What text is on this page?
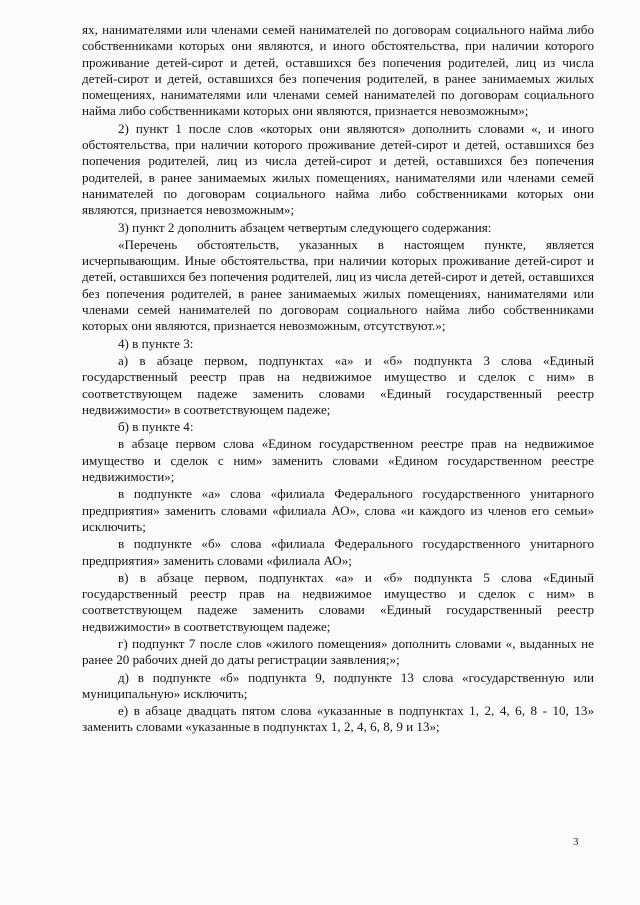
ях, нанимателями или членами семей нанимателей по договорам социального найма либо собственниками которых они являются, и иного обстоятельства, при наличии которого проживание детей-сирот и детей, оставшихся без попечения родителей, лиц из числа детей-сирот и детей, оставшихся без попечения родителей, в ранее занимаемых жилых помещениях, нанимателями или членами семей нанимателей по договорам социального найма либо собственниками которых они являются, признается невозможным»;

2) пункт 1 после слов «которых они являются» дополнить словами «, и иного обстоятельства, при наличии которого проживание детей-сирот и детей, оставшихся без попечения родителей, лиц из числа детей-сирот и детей, оставшихся без попечения родителей, в ранее занимаемых жилых помещениях, нанимателями или членами семей нанимателей по договорам социального найма либо собственниками которых они являются, признается невозможным»;

3) пункт 2 дополнить абзацем четвертым следующего содержания:

«Перечень обстоятельств, указанных в настоящем пункте, является исчерпывающим. Иные обстоятельства, при наличии которых проживание детей-сирот и детей, оставшихся без попечения родителей, лиц из числа детей-сирот и детей, оставшихся без попечения родителей, в ранее занимаемых жилых помещениях, нанимателями или членами семей нанимателей по договорам социального найма либо собственниками которых они являются, признается невозможным, отсутствуют.»;

4) в пункте 3:

а) в абзаце первом, подпунктах «а» и «б» подпункта 3 слова «Единый государственный реестр прав на недвижимое имущество и сделок с ним» в соответствующем падеже заменить словами «Единый государственный реестр недвижимости» в соответствующем падеже;

б) в пункте 4:

в абзаце первом слова «Едином государственном реестре прав на недвижимое имущество и сделок с ним» заменить словами «Едином государственном реестре недвижимости»;

в подпункте «а» слова «филиала Федерального государственного унитарного предприятия» заменить словами «филиала АО», слова «и каждого из членов его семьи» исключить;

в подпункте «б» слова «филиала Федерального государственного унитарного предприятия» заменить словами «филиала АО»;

в) в абзаце первом, подпунктах «а» и «б» подпункта 5 слова «Единый государственный реестр прав на недвижимое имущество и сделок с ним» в соответствующем падеже заменить словами «Единый государственный реестр недвижимости» в соответствующем падеже;

г) подпункт 7 после слов «жилого помещения» дополнить словами «, выданных не ранее 20 рабочих дней до даты регистрации заявления;»;

д) в подпункте «б» подпункта 9, подпункте 13 слова «государственную или муниципальную» исключить;

е) в абзаце двадцать пятом слова «указанные в подпунктах 1, 2, 4, 6, 8 - 10, 13» заменить словами «указанные в подпунктах 1, 2, 4, 6, 8, 9 и 13»;

3
